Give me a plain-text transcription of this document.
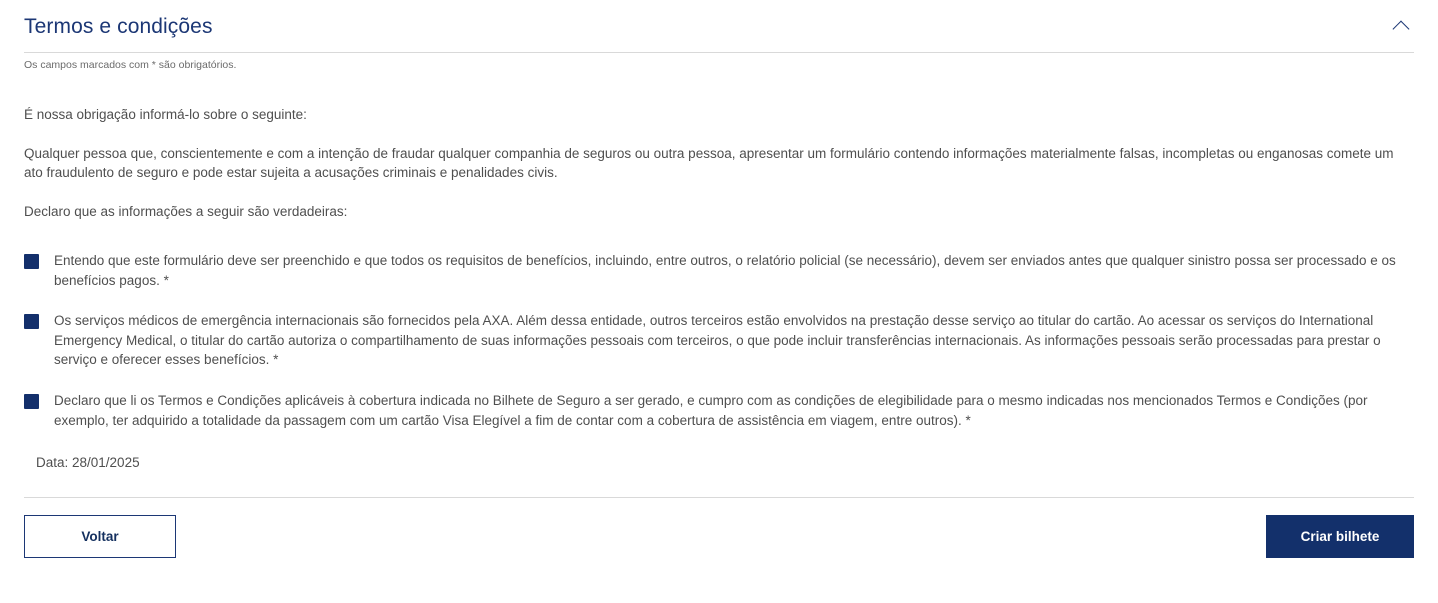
Termos e condições
Os campos marcados com * são obrigatórios.

É nossa obrigação informá-lo sobre o seguinte:

Qualquer pessoa que, conscientemente e com a intenção de fraudar qualquer companhia de seguros ou outra pessoa, apresentar um formulário contendo informações materialmente falsas, incompletas ou enganosas comete um ato fraudulento de seguro e pode estar sujeita a acusações criminais e penalidades civis.

Declaro que as informações a seguir são verdadeiras:

Entendo que este formulário deve ser preenchido e que todos os requisitos de benefícios, incluindo, entre outros, o relatório policial (se necessário), devem ser enviados antes que qualquer sinistro possa ser processado e os benefícios pagos. *
Os serviços médicos de emergência internacionais são fornecidos pela AXA. Além dessa entidade, outros terceiros estão envolvidos na prestação desse serviço ao titular do cartão. Ao acessar os serviços do International Emergency Medical, o titular do cartão autoriza o compartilhamento de suas informações pessoais com terceiros, o que pode incluir transferências internacionais. As informações pessoais serão processadas para prestar o serviço e oferecer esses benefícios. *
Declaro que li os Termos e Condições aplicáveis à cobertura indicada no Bilhete de Seguro a ser gerado, e cumpro com as condições de elegibilidade para o mesmo indicadas nos mencionados Termos e Condições (por exemplo, ter adquirido a totalidade da passagem com um cartão Visa Elegível a fim de contar com a cobertura de assistência em viagem, entre outros). *
Data: 28/01/2025
Voltar	Criar bilhete
